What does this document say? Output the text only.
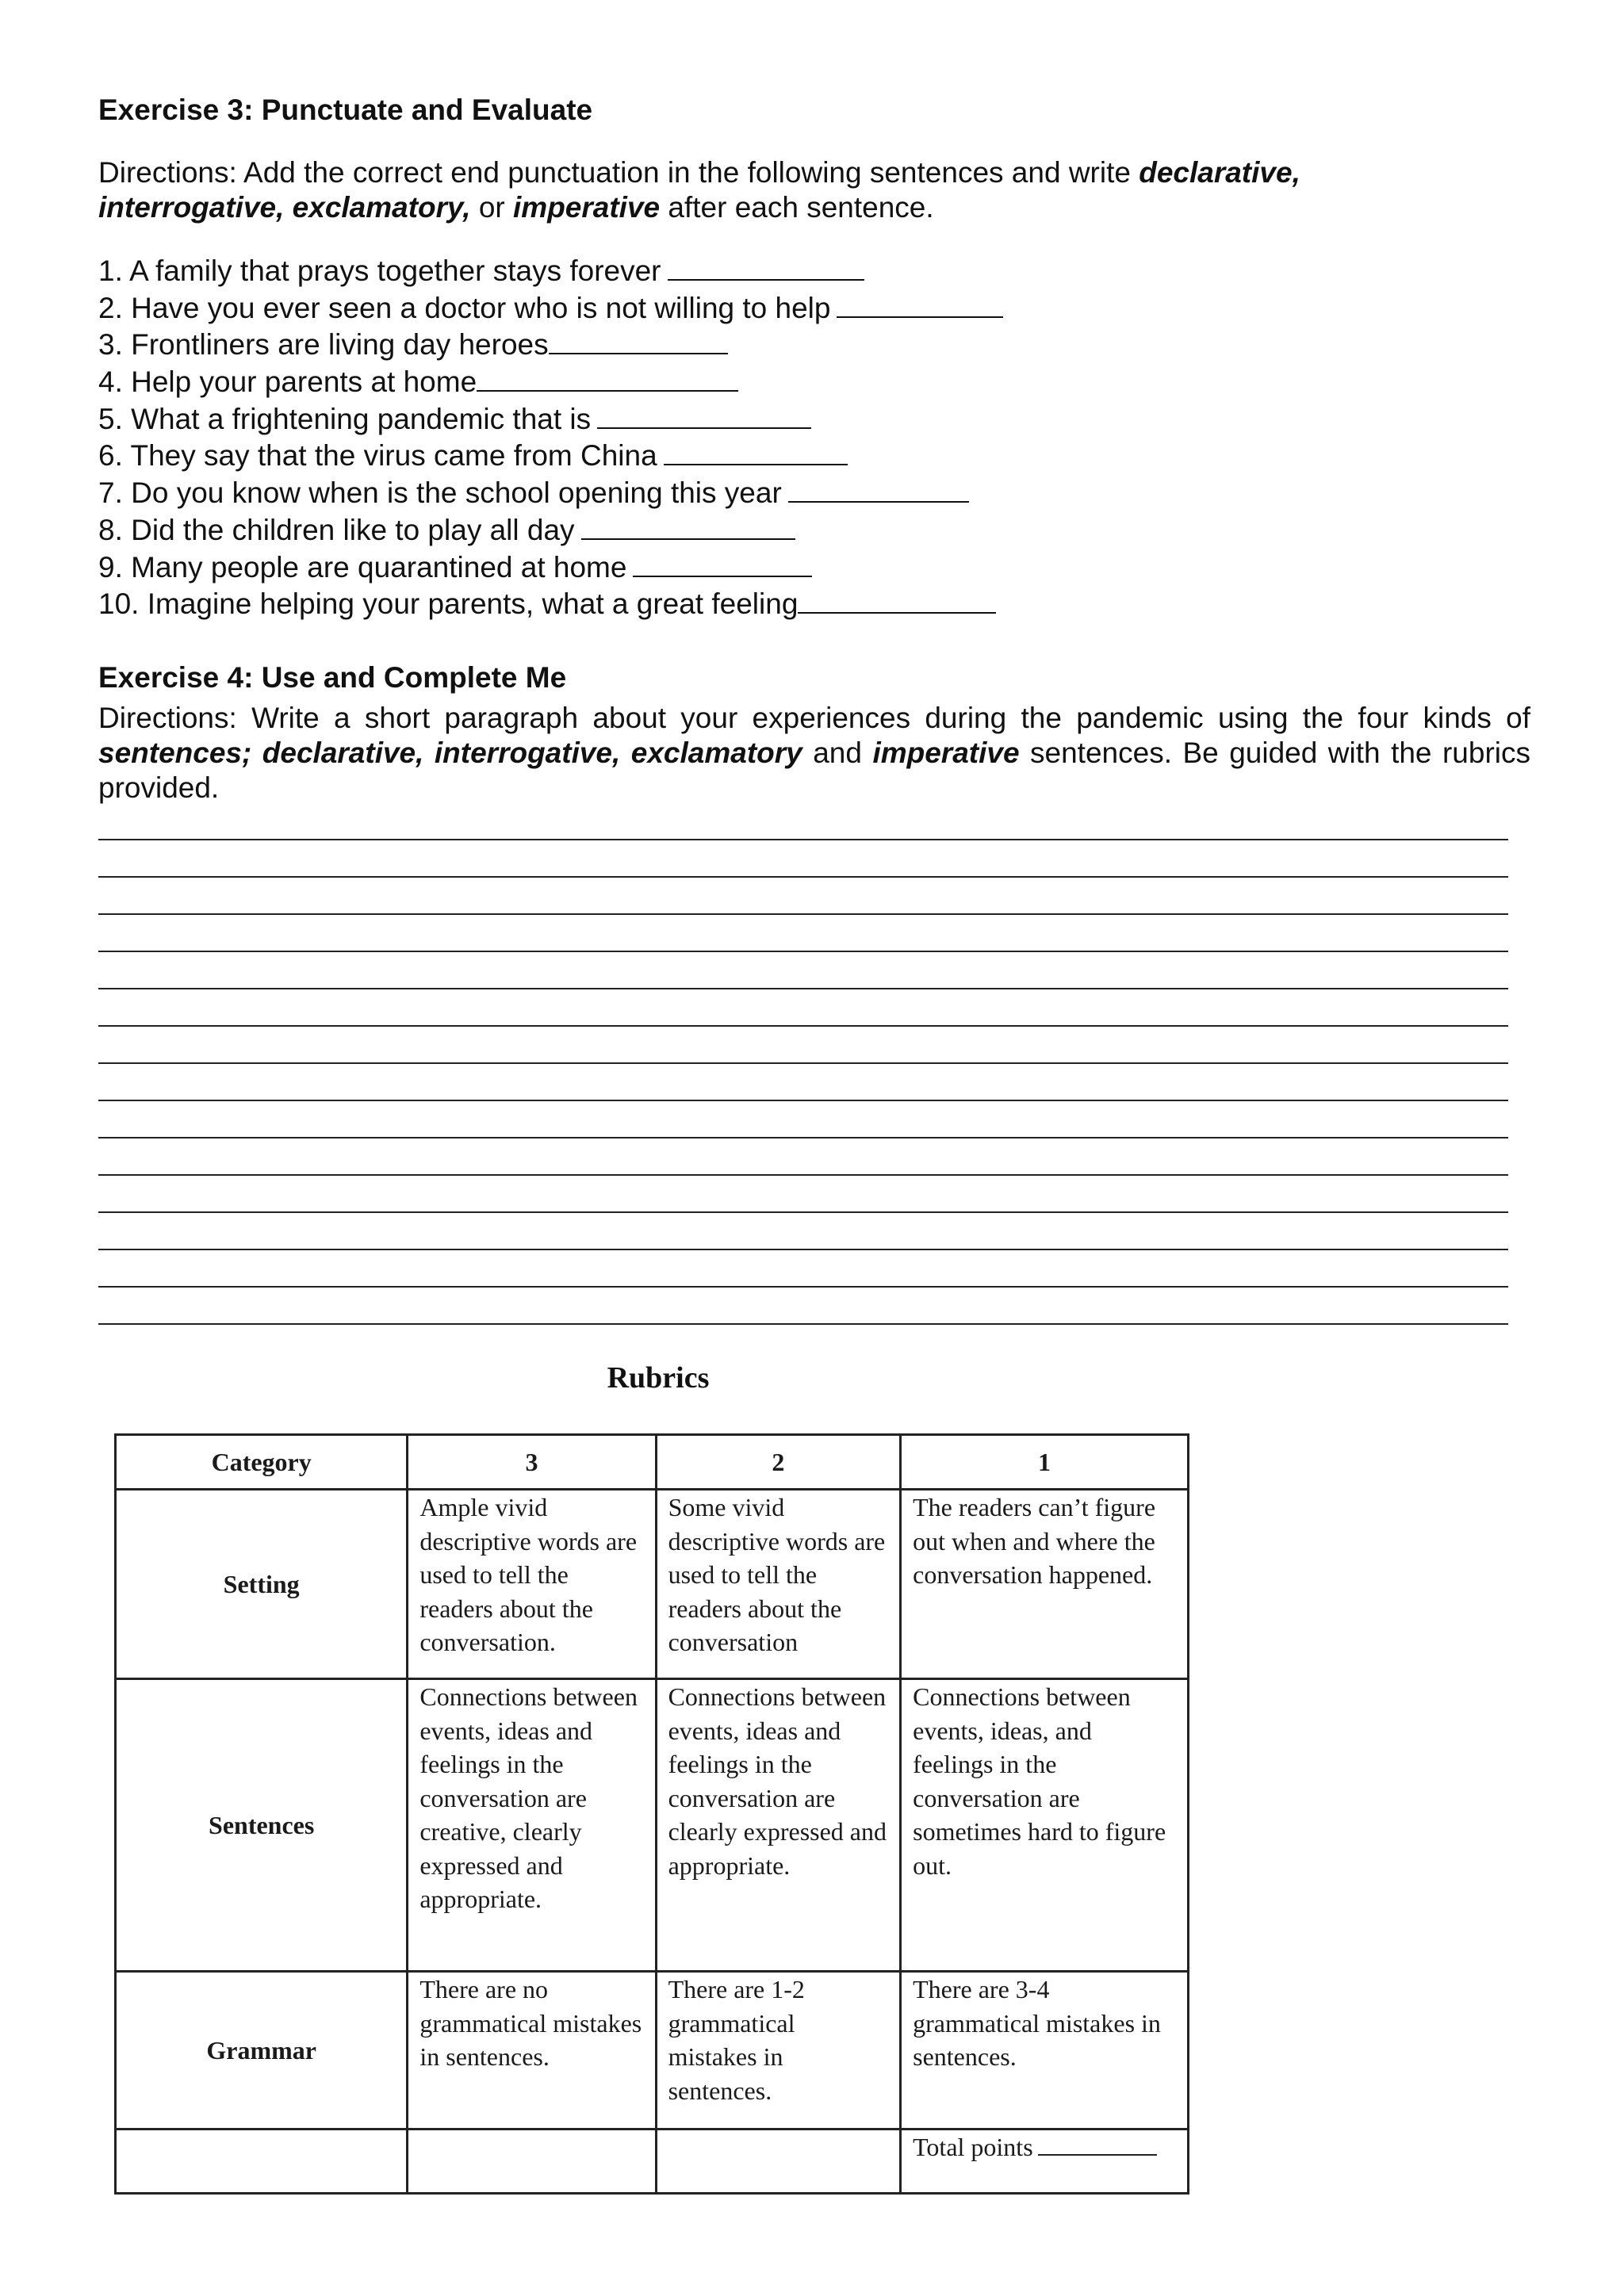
Exercise 3: Punctuate and Evaluate

Directions: Add the correct end punctuation in the following sentences and write declarative, interrogative, exclamatory, or imperative after each sentence.

1. A family that prays together stays forever
2. Have you ever seen a doctor who is not willing to help
3. Frontliners are living day heroes
4. Help your parents at home
5. What a frightening pandemic that is
6. They say that the virus came from China
7. Do you know when is the school opening this year
8. Did the children like to play all day
9. Many people are quarantined at home
10. Imagine helping your parents, what a great feeling
Exercise 4: Use and Complete Me

Directions: Write a short paragraph about your experiences during the pandemic using the four kinds of sentences; declarative, interrogative, exclamatory and imperative sentences. Be guided with the rubrics provided.

Rubrics
Category	3	2	1
Setting	Ample vivid descriptive words are used to tell the readers about the conversation.	Some vivid descriptive words are used to tell the readers about the conversation	The readers can’t figure out when and where the conversation happened.
Sentences	Connections between events, ideas and feelings in the conversation are creative, clearly expressed and appropriate.	Connections between events, ideas and feelings in the conversation are clearly expressed and appropriate.	Connections between events, ideas, and feelings in the conversation are sometimes hard to figure out.
Grammar	There are no grammatical mistakes in sentences.	There are 1-2 grammatical mistakes in sentences.	There are 3-4 grammatical mistakes in sentences.
			Total points
